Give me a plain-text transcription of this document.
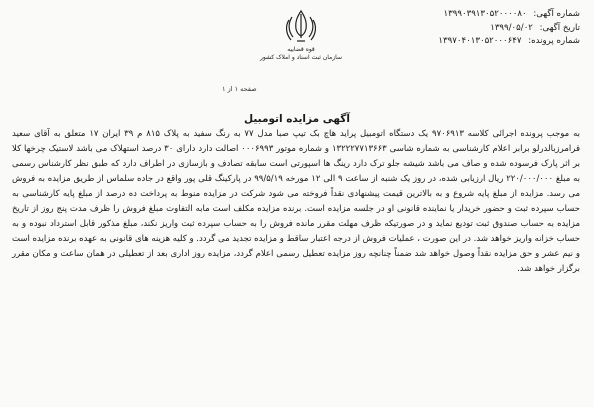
شماره آگهی: ۱۳۹۹۰۳۹۱۳۰۵۲۰۰۰۰۸۰
تاریخ آگهی: ۱۳۹۹/۰۵/۰۲
شماره پرونده: ۱۳۹۷۰۴۰۱۳۰۵۲۰۰۰۶۴۷
قوه قضاییه
سازمان ثبت اسناد و املاک کشور
صفحه ۱ از ۱
آگهی مزایده اتومبیل
به موجب پرونده اجرائی کلاسه ۹۷۰۶۹۱۳ یک دستگاه اتومبیل پراید هاچ بک تیپ صبا مدل ۷۷ به رنگ سفید به پلاک ۸۱۵ م ۳۹ ایران ۱۷ متعلق به آقای سعید قرامرزبالدرلو برابر اعلام کارشناسی به شماره شاسی ۱۳۲۲۲۷۷۱۳۶۶۳ و شماره موتور ۰۰۰۶۹۹۳ اصالت دارد دارای ۳۰ درصد استهلاک می باشد لاستیک چرخها کلا بر اثر پارک فرسوده شده و صاف می باشد شیشه جلو ترک دارد رینگ ها اسپورتی است سابقه تصادف و بازسازی در اطراف دارد که طبق نظر کارشناس رسمی به مبلغ ۲۲۰/۰۰۰/۰۰۰ ریال ارزیابی شده، در روز یک شنبه از ساعت ۹ الی ۱۲ مورخه ۹۹/۵/۱۹ در پارکینگ قلی پور واقع در جاده سلماس از طریق مزایده به فروش می رسد. مزایده از مبلغ پایه شروع و به بالاترین قیمت پیشنهادی نقداً فروخته می شود شرکت در مزایده منوط به پرداخت ده درصد از مبلغ پایه کارشناسی به حساب سپرده ثبت و حضور خریدار یا نماینده قانونی او در جلسه مزایده است. برنده مزایده مکلف است مابه التفاوت مبلغ فروش را ظرف مدت پنج روز از تاریخ مزایده به حساب صندوق ثبت تودیع نماید و در صورتیکه ظرف مهلت مقرر مانده فروش را به حساب سپرده ثبت واریز نکند، مبلغ مذکور قابل استرداد نبوده و به حساب خزانه واریز خواهد شد. در این صورت ، عملیات فروش از درجه اعتبار ساقط و مزایده تجدید می گردد. و کلیه هزینه های قانونی به عهده برنده مزایده است و نیم عشر و حق مزایده نقداً وصول خواهد شد ضمناً چنانچه روز مزایده تعطیل رسمی اعلام گردد، مزایده روز اداری بعد از تعطیلی در همان ساعت و مکان مقرر برگزار خواهد شد.
